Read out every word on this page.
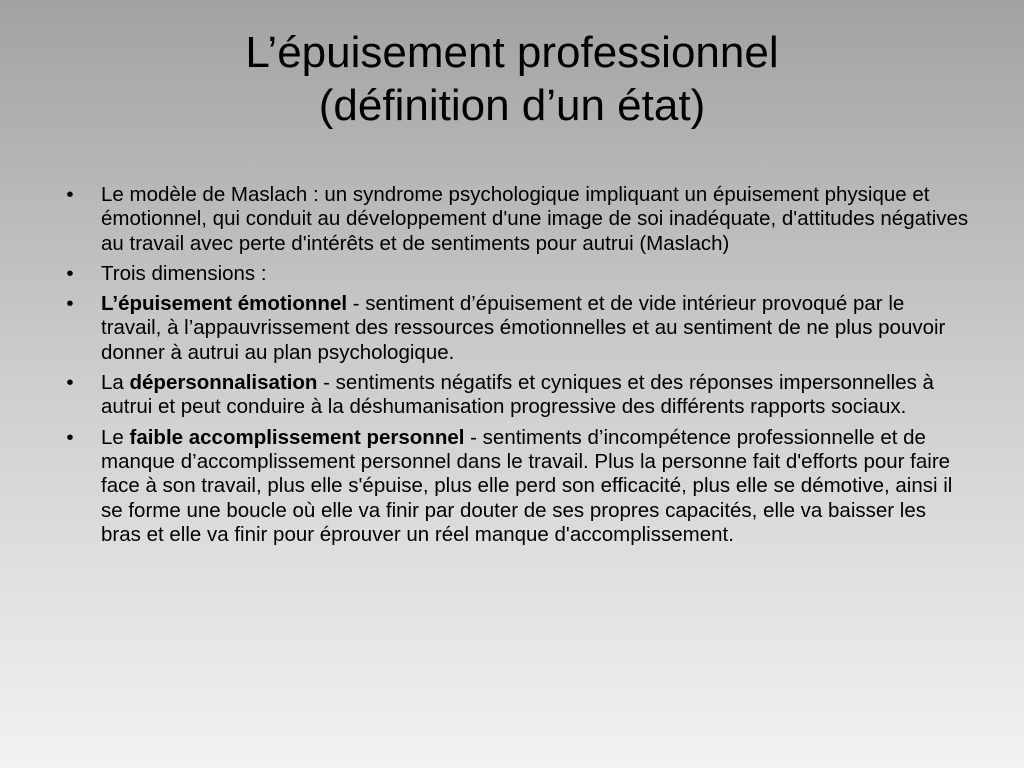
L’épuisement professionnel
(définition d’un état)
•	Le modèle de Maslach : un syndrome psychologique impliquant un épuisement physique et émotionnel, qui conduit au développement d'une image de soi inadéquate, d'attitudes négatives au travail avec perte d'intérêts et de sentiments pour autrui (Maslach)
•	Trois dimensions :
•	L’épuisement émotionnel - sentiment d’épuisement et de vide intérieur provoqué par le travail, à l’appauvrissement des ressources émotionnelles et au sentiment de ne plus pouvoir donner à autrui au plan psychologique.
•	La dépersonnalisation - sentiments négatifs et cyniques et des réponses impersonnelles à autrui et peut conduire à la déshumanisation progressive des différents rapports sociaux.
•	Le faible accomplissement personnel - sentiments d’incompétence professionnelle et de manque d’accomplissement personnel dans le travail. Plus la personne fait d'efforts pour faire face à son travail, plus elle s'épuise, plus elle perd son efficacité, plus elle se démotive, ainsi il se forme une boucle où elle va finir par douter de ses propres capacités, elle va baisser les bras et elle va finir pour éprouver un réel manque d'accomplissement.
